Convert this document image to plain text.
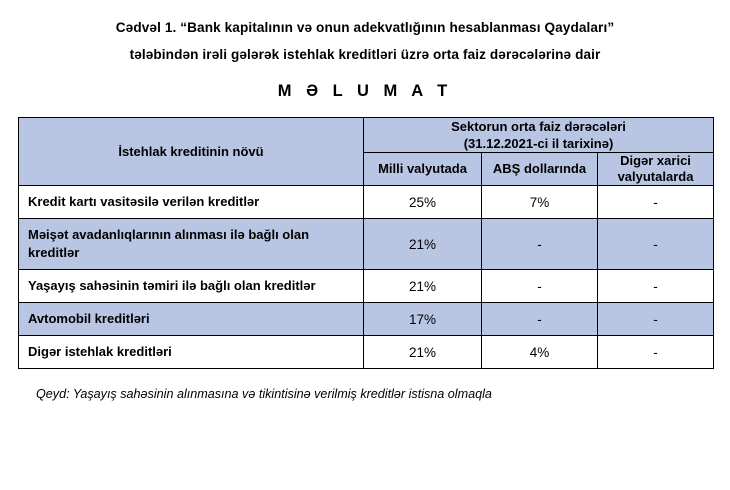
Cədvəl 1. “Bank kapitalının və onun adekvatlığının hesablanması Qaydaları”
tələbindən irəli gələrək istehlak kreditləri üzrə orta faiz dərəcələrinə dair
M Ə L U M A T
İstehlak kreditinin növü	Sektorun orta faiz dərəcələri
(31.12.2021-ci il tarixinə)		

	Milli valyutada	ABŞ dollarında	Digər xarici valyutalarda
Kredit kartı vasitəsilə verilən kreditlər	25%	7%	-
Məişət avadanlıqlarının alınması ilə bağlı olan kreditlər	21%	-	-
Yaşayış sahəsinin təmiri ilə bağlı olan kreditlər	21%	-	-
Avtomobil kreditləri	17%	-	-
Digər istehlak kreditləri	21%	4%	-
Qeyd: Yaşayış sahəsinin alınmasına və tikintisinə verilmiş kreditlər istisna olmaqla
